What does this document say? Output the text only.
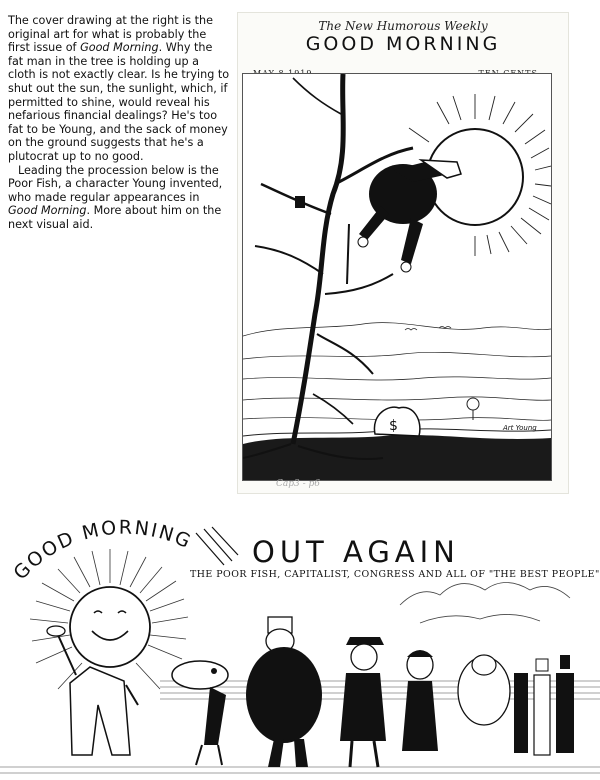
The cover drawing at the right is the original art for what is probably the first issue of Good Morning. Why the fat man in the tree is holding up a cloth is not exactly clear. Is he trying to shut out the sun, the sunlight, which, if permitted to shine, would reveal his nefarious financial dealings? He's too fat to be Young, and the sack of money on the ground suggests that he's a plutocrat up to no good.

Leading the procession below is the Poor Fish, a character Young invented, who made regular appearances in Good Morning. More about him on the next visual aid.

The New Humorous Weekly
GOOD MORNING
$	Art Young
Cap3 - p6
GOOD MORNING OUT AGAIN
THE POOR FISH, CAPITALIST, CONGRESS AND ALL OF "THE BEST PEOPLE"
